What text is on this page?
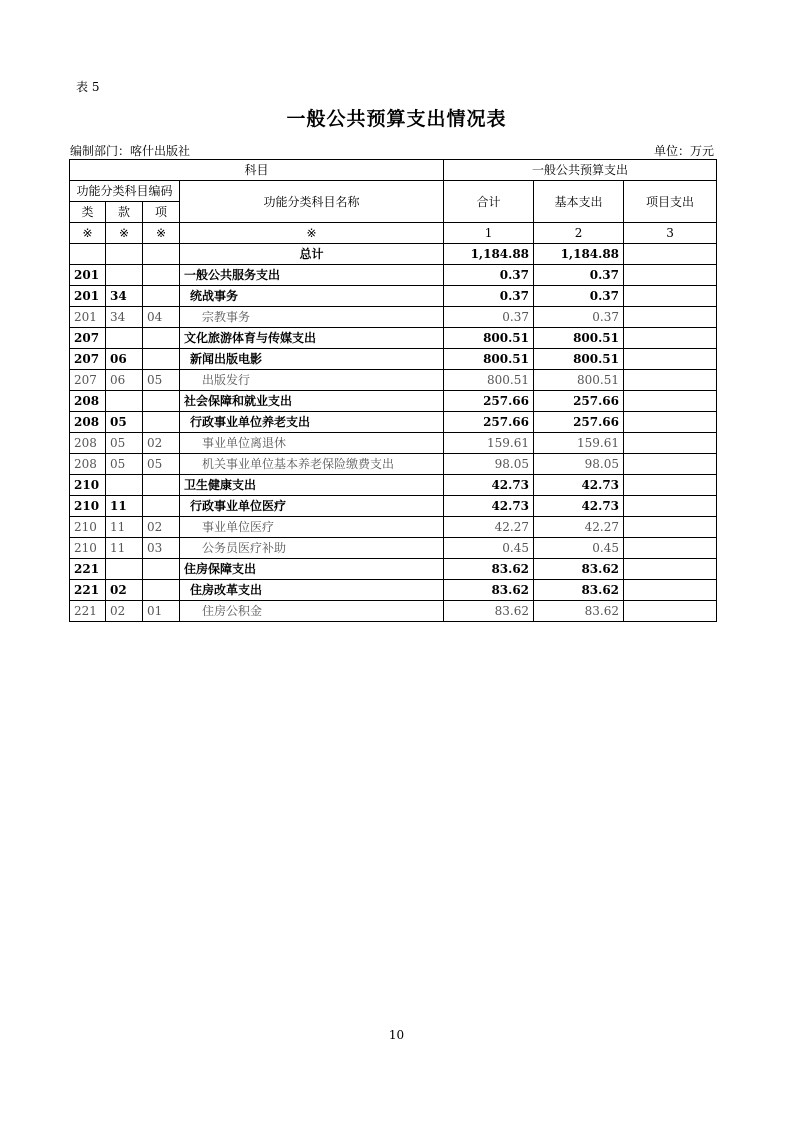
表 5
一般公共预算支出情况表
编制部门：喀什出版社	单位：万元
科目				一般公共预算支出		
功能分类科目编码			功能分类科目名称	合计	基本支出	项目支出
类	款	项				
※	※	※	※	1	2	3
			总计	1,184.88	1,184.88	
201			一般公共服务支出	0.37	0.37	
201	34		统战事务	0.37	0.37	
201	34	04	宗教事务	0.37	0.37	
207			文化旅游体育与传媒支出	800.51	800.51	
207	06		新闻出版电影	800.51	800.51	
207	06	05	出版发行	800.51	800.51	
208			社会保障和就业支出	257.66	257.66	
208	05		行政事业单位养老支出	257.66	257.66	
208	05	02	事业单位离退休	159.61	159.61	
208	05	05	机关事业单位基本养老保险缴费支出	98.05	98.05	
210			卫生健康支出	42.73	42.73	
210	11		行政事业单位医疗	42.73	42.73	
210	11	02	事业单位医疗	42.27	42.27	
210	11	03	公务员医疗补助	0.45	0.45	
221			住房保障支出	83.62	83.62	
221	02		住房改革支出	83.62	83.62	
221	02	01	住房公积金	83.62	83.62	
10
